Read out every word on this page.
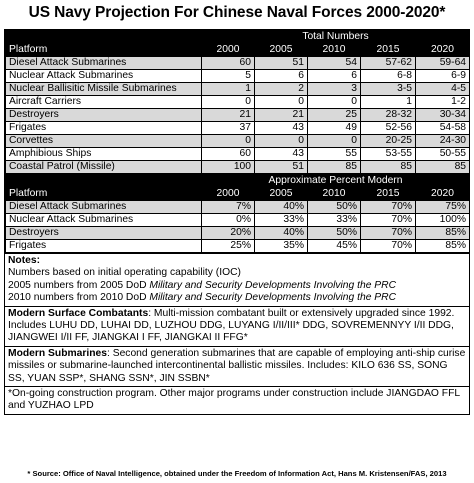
US Navy Projection For Chinese Naval Forces 2000-2020*
	Total Numbers				
Platform	2000	2005	2010	2015	2020
Diesel Attack Submarines	60	51	54	57-62	59-64
Nuclear Attack Submarines	5	6	6	6-8	6-9
Nuclear Ballisitic Missile Submarines	1	2	3	3-5	4-5
Aircraft Carriers	0	0	0	1	1-2
Destroyers	21	21	25	28-32	30-34
Frigates	37	43	49	52-56	54-58
Corvettes	0	0	0	20-25	24-30
Amphibious Ships	60	43	55	53-55	50-55
Coastal Patrol (Missile)	100	51	85	85	85
	Approximate Percent Modern				
Platform	2000	2005	2010	2015	2020
Diesel Attack Submarines	7%	40%	50%	70%	75%
Nuclear Attack Submarines	0%	33%	33%	70%	100%
Destroyers	20%	40%	50%	70%	85%
Frigates	25%	35%	45%	70%	85%
Notes:
Numbers based on initial operating capability (IOC)
2005 numbers from 2005 DoD Military and Security Developments Involving the PRC
2010 numbers from 2010 DoD Military and Security Developments Involving the PRC
Modern Surface Combatants: Multi-mission combatant built or extensively upgraded since 1992. Includes LUHU DD, LUHAI DD, LUZHOU DDG, LUYANG I/II/III* DDG, SOVREMENNYY I/II DDG, JIANGWEI I/II FF, JIANGKAI I FF, JIANGKAI II FFG*
Modern Submarines: Second generation submarines that are capable of employing anti-ship curise missiles or submarine-launched intercontinental ballistic missiles. Includes: KILO 636 SS, SONG SS, YUAN SSP*, SHANG SSN*, JIN SSBN*
*On-going construction program. Other major programs under construction include JIANGDAO FFL and YUZHAO LPD
* Source: Office of Naval Intelligence, obtained under the Freedom of Information Act, Hans M. Kristensen/FAS, 2013
